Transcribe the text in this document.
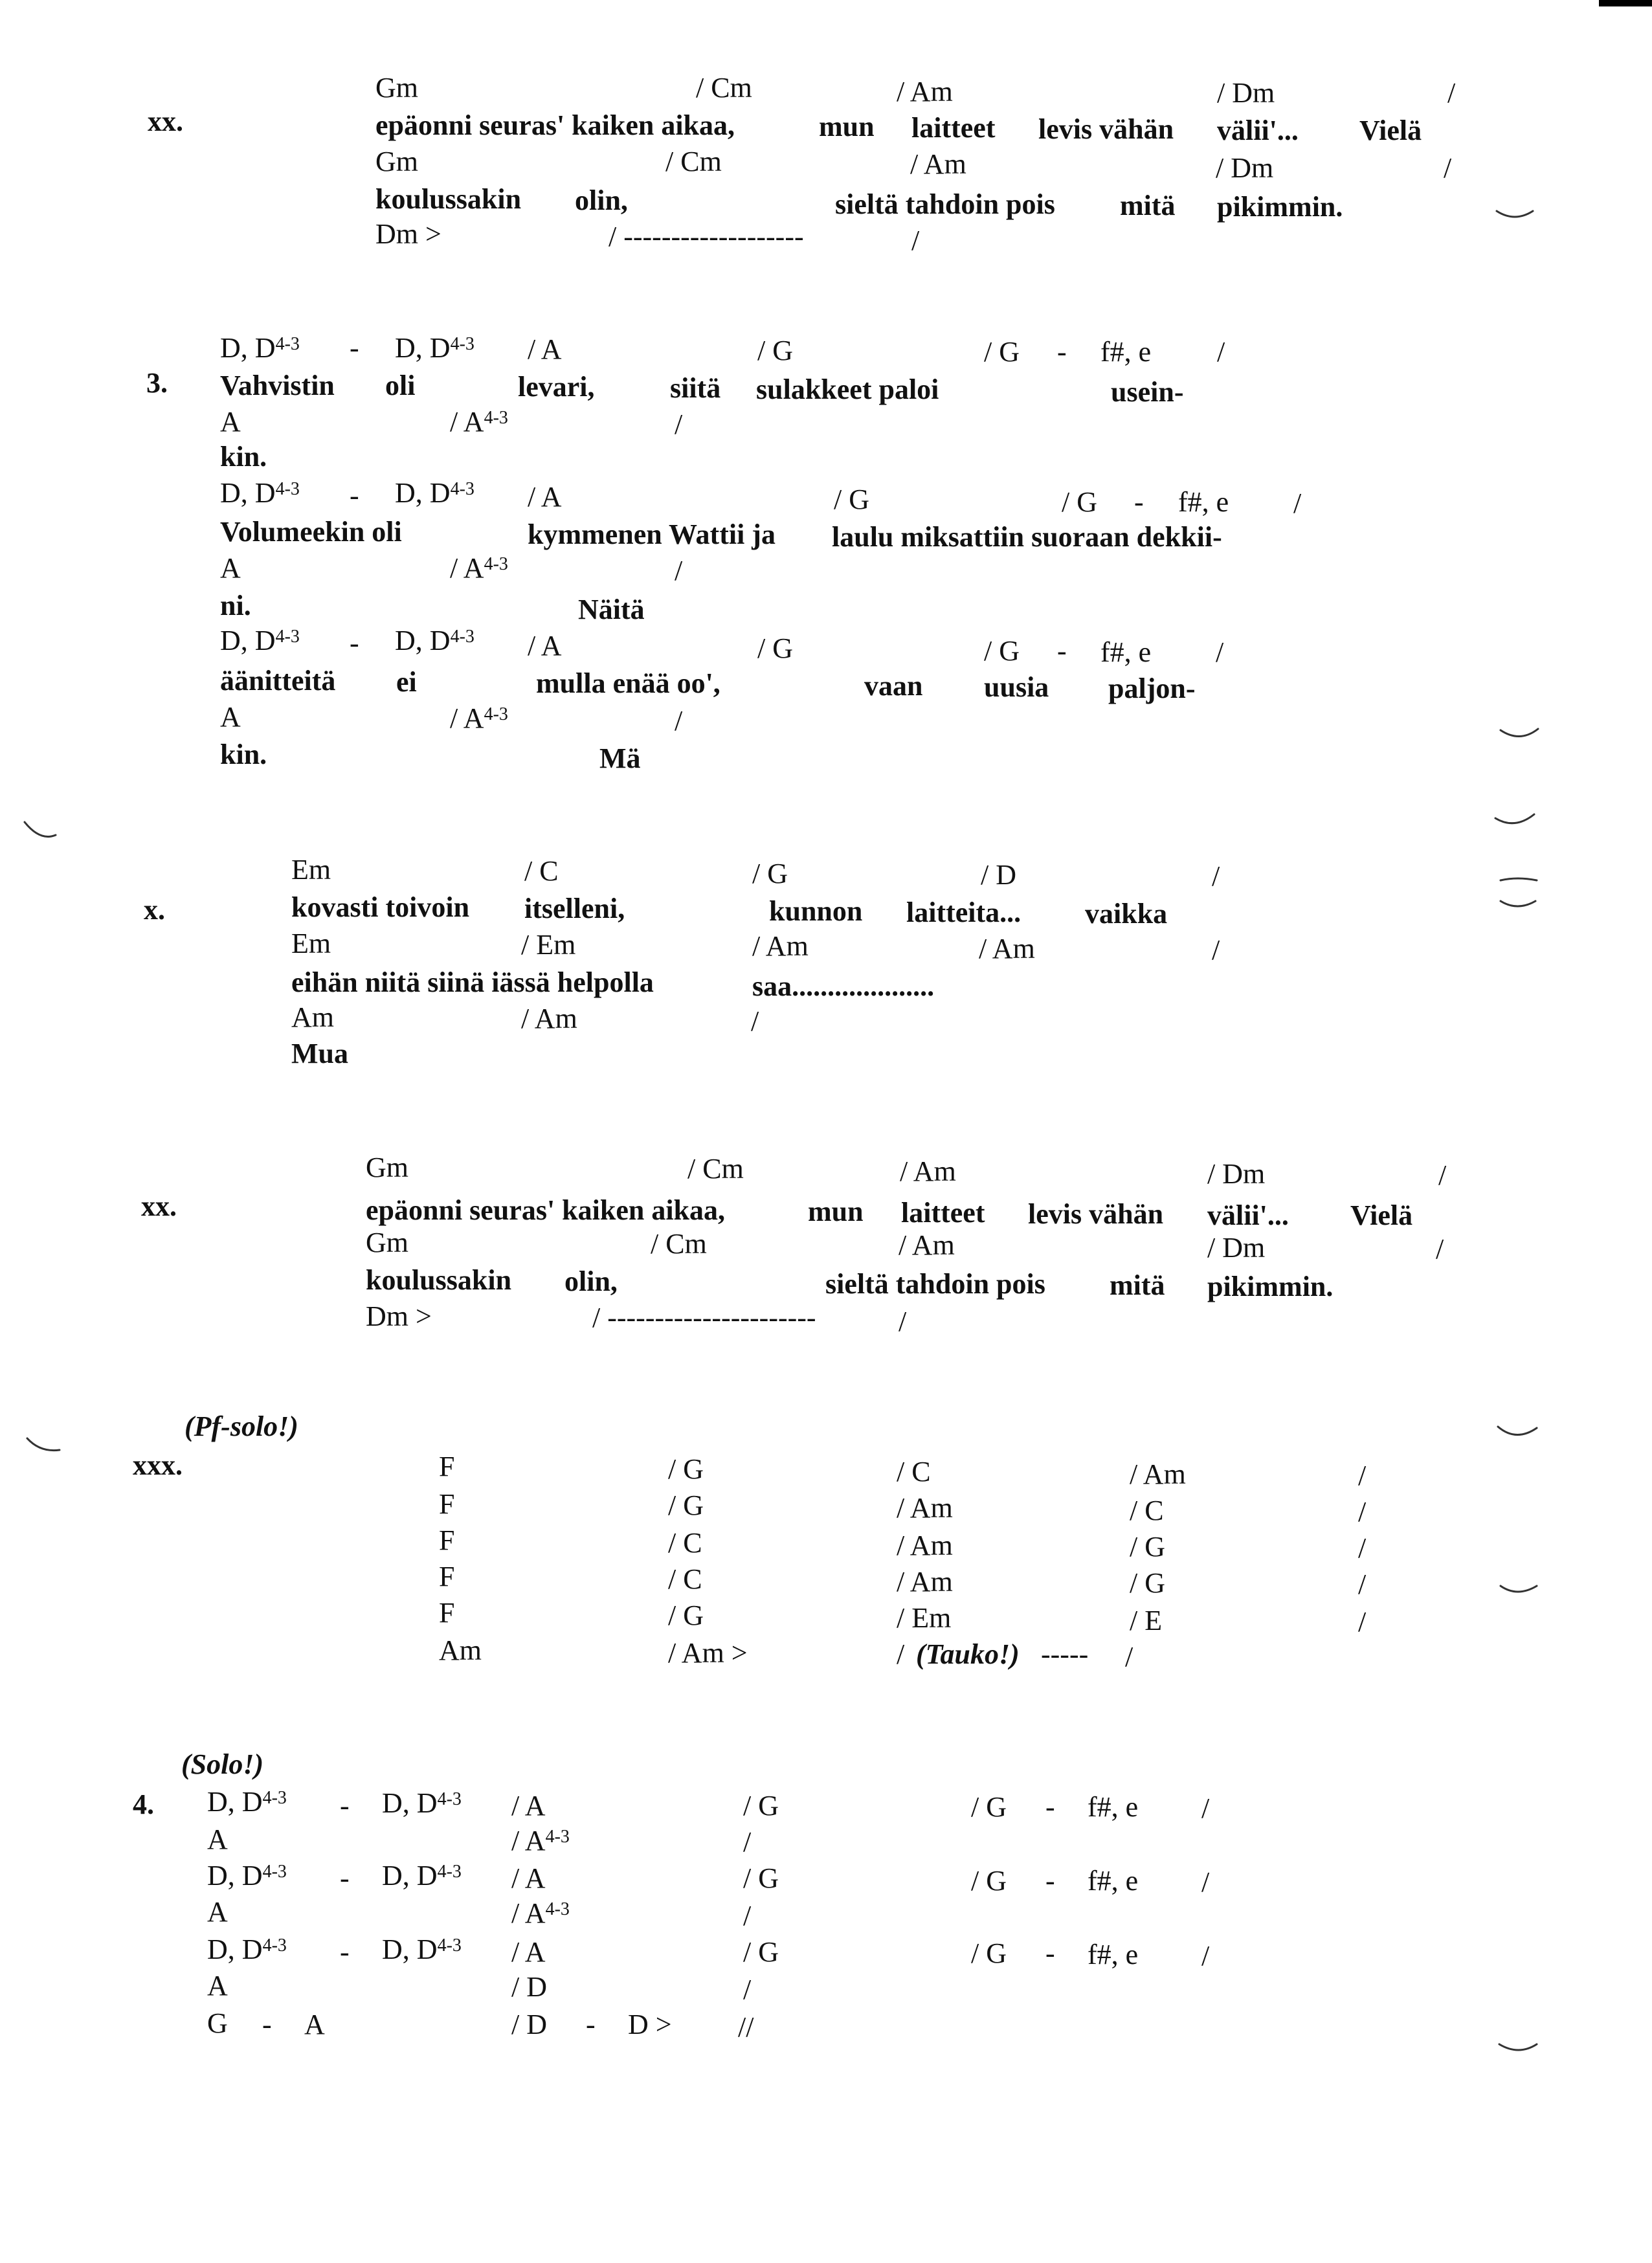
xx.
Gm	/ Cm	/ Am	/ Dm	/
epäonni seuras' kaiken aikaa,	mun laitteet levis vähän välii'... Vielä
Gm	/ Cm	/ Am	/ Dm	/
koulussakin olin,	sieltä tahdoin pois mitä pikimmin.
Dm >	/ -------------------	/
3.
D, $D^{4-3}$ - D, $D^{4-3}$ / A	/ G	/ G - f#, e /
Vahvistin oli	levari,	siitä sulakkeet paloi	usein-
A	/ $A^{4-3}$	/
kin.
D, $D^{4-3}$ - D, $D^{4-3}$ / A	/ G	/ G - f#, e /
Volumeekin oli	kymmenen Wattii ja laulu miksattiin suoraan dekkii-
A	/ $A^{4-3}$	/
ni.	Näitä
D, $D^{4-3}$ - D, $D^{4-3}$ / A	/ G	/ G - f#, e /
äänitteitä ei	mulla enää oo',	vaan uusia paljon-
A	/ $A^{4-3}$	/
kin.	Mä
x.
Em	/ C	/ G	/ D	/
kovasti toivoin itselleni,	kunnon laitteita... vaikka
Em	/ Em	/ Am	/ Am	/
eihän niitä siinä iässä helpolla	saa....................
Am	/ Am	/
Mua
xx.
Gm	/ Cm	/ Am	/ Dm	/
epäonni seuras' kaiken aikaa,	mun laitteet levis vähän välii'... Vielä
Gm	/ Cm	/ Am	/ Dm	/
koulussakin olin,	sieltä tahdoin pois mitä pikimmin.
Dm >	/ ----------------------	/
(Pf-solo!)
xxx.	F	/ G	/ C	/ Am	/
F	/ G	/ Am	/ C	/
F	/ C	/ Am	/ G	/
F	/ C	/ Am	/ G	/
F	/ G	/ Em	/ E	/
Am	/ Am >	/ (Tauko!) ----- /
(Solo!)
4. D, $D^{4-3}$ - D, $D^{4-3}$ / A	/ G	/ G - f#, e /
A	/ $A^{4-3}$	/
D, $D^{4-3}$ - D, $D^{4-3}$ / A	/ G	/ G - f#, e /
A	/ $A^{4-3}$	/
D, $D^{4-3}$ - D, $D^{4-3}$ / A	/ G	/ G - f#, e /
A	/ D	/
G - A	/ D - D > //
